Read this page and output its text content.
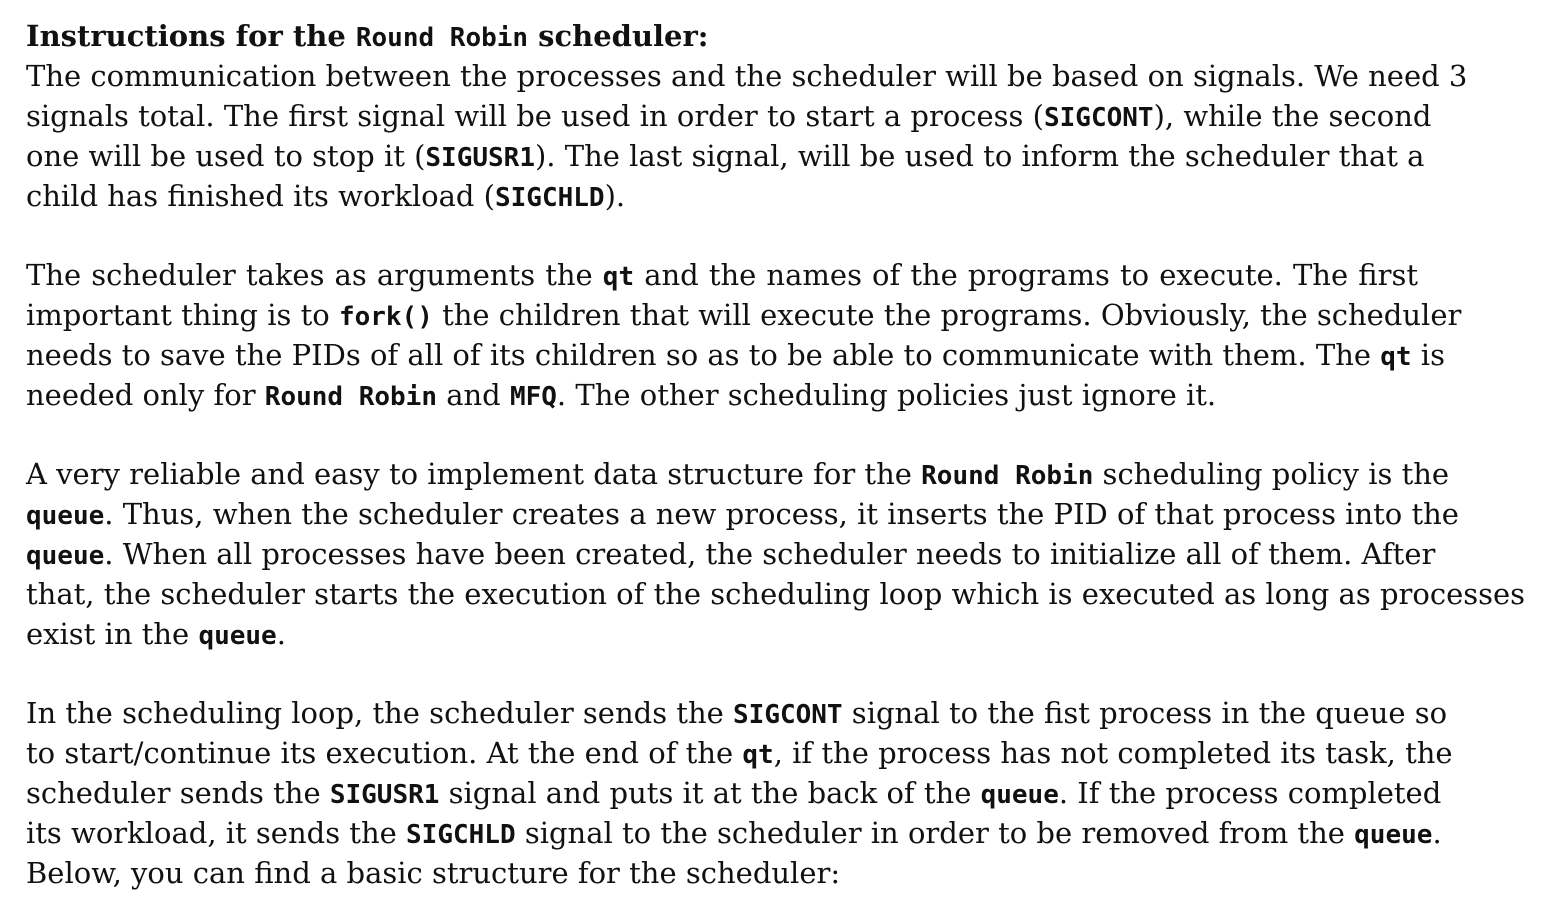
Instructions for the Round Robin scheduler:
The communication between the processes and the scheduler will be based on signals. We need 3
signals total. The first signal will be used in order to start a process (SIGCONT), while the second
one will be used to stop it (SIGUSR1). The last signal, will be used to inform the scheduler that a
child has finished its workload (SIGCHLD).
The scheduler takes as arguments the qt and the names of the programs to execute. The first
important thing is to fork() the children that will execute the programs. Obviously, the scheduler
needs to save the PIDs of all of its children so as to be able to communicate with them. The qt is
needed only for Round Robin and MFQ. The other scheduling policies just ignore it.
A very reliable and easy to implement data structure for the Round Robin scheduling policy is the
queue. Thus, when the scheduler creates a new process, it inserts the PID of that process into the
queue. When all processes have been created, the scheduler needs to initialize all of them. After
that, the scheduler starts the execution of the scheduling loop which is executed as long as processes
exist in the queue.
In the scheduling loop, the scheduler sends the SIGCONT signal to the fist process in the queue so
to start/continue its execution. At the end of the qt, if the process has not completed its task, the
scheduler sends the SIGUSR1 signal and puts it at the back of the queue. If the process completed
its workload, it sends the SIGCHLD signal to the scheduler in order to be removed from the queue.
Below, you can find a basic structure for the scheduler:
